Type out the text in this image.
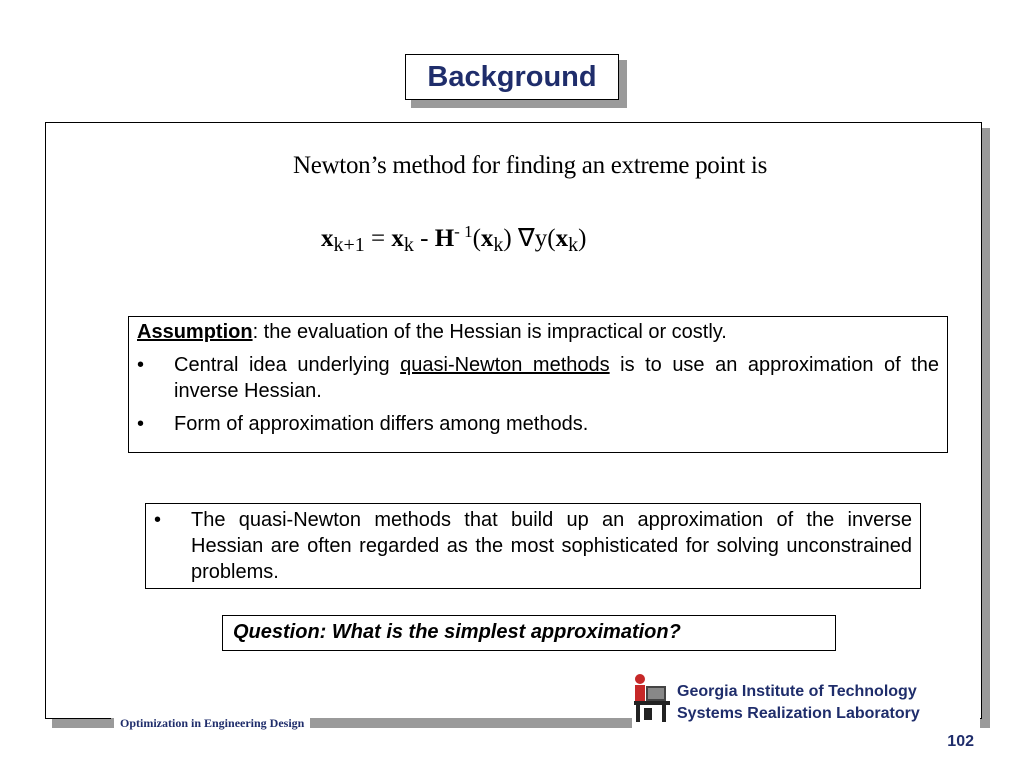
Background
Newton’s method for finding an extreme point is
$x_{k+1} = x_k - H^{- 1}(x_k)$ $\nabla y(x_k)$

Assumption: the evaluation of the Hessian is impractical or costly.

•	Central idea underlying quasi-Newton methods is to use an approximation of the inverse Hessian.
•	Form of approximation differs among methods.
•	The quasi-Newton methods that build up an approximation of the inverse Hessian are often regarded as the most sophisticated for solving unconstrained problems.
Question: What is the simplest approximation?
Optimization in Engineering Design
Georgia Institute of Technology
Systems Realization Laboratory
102
